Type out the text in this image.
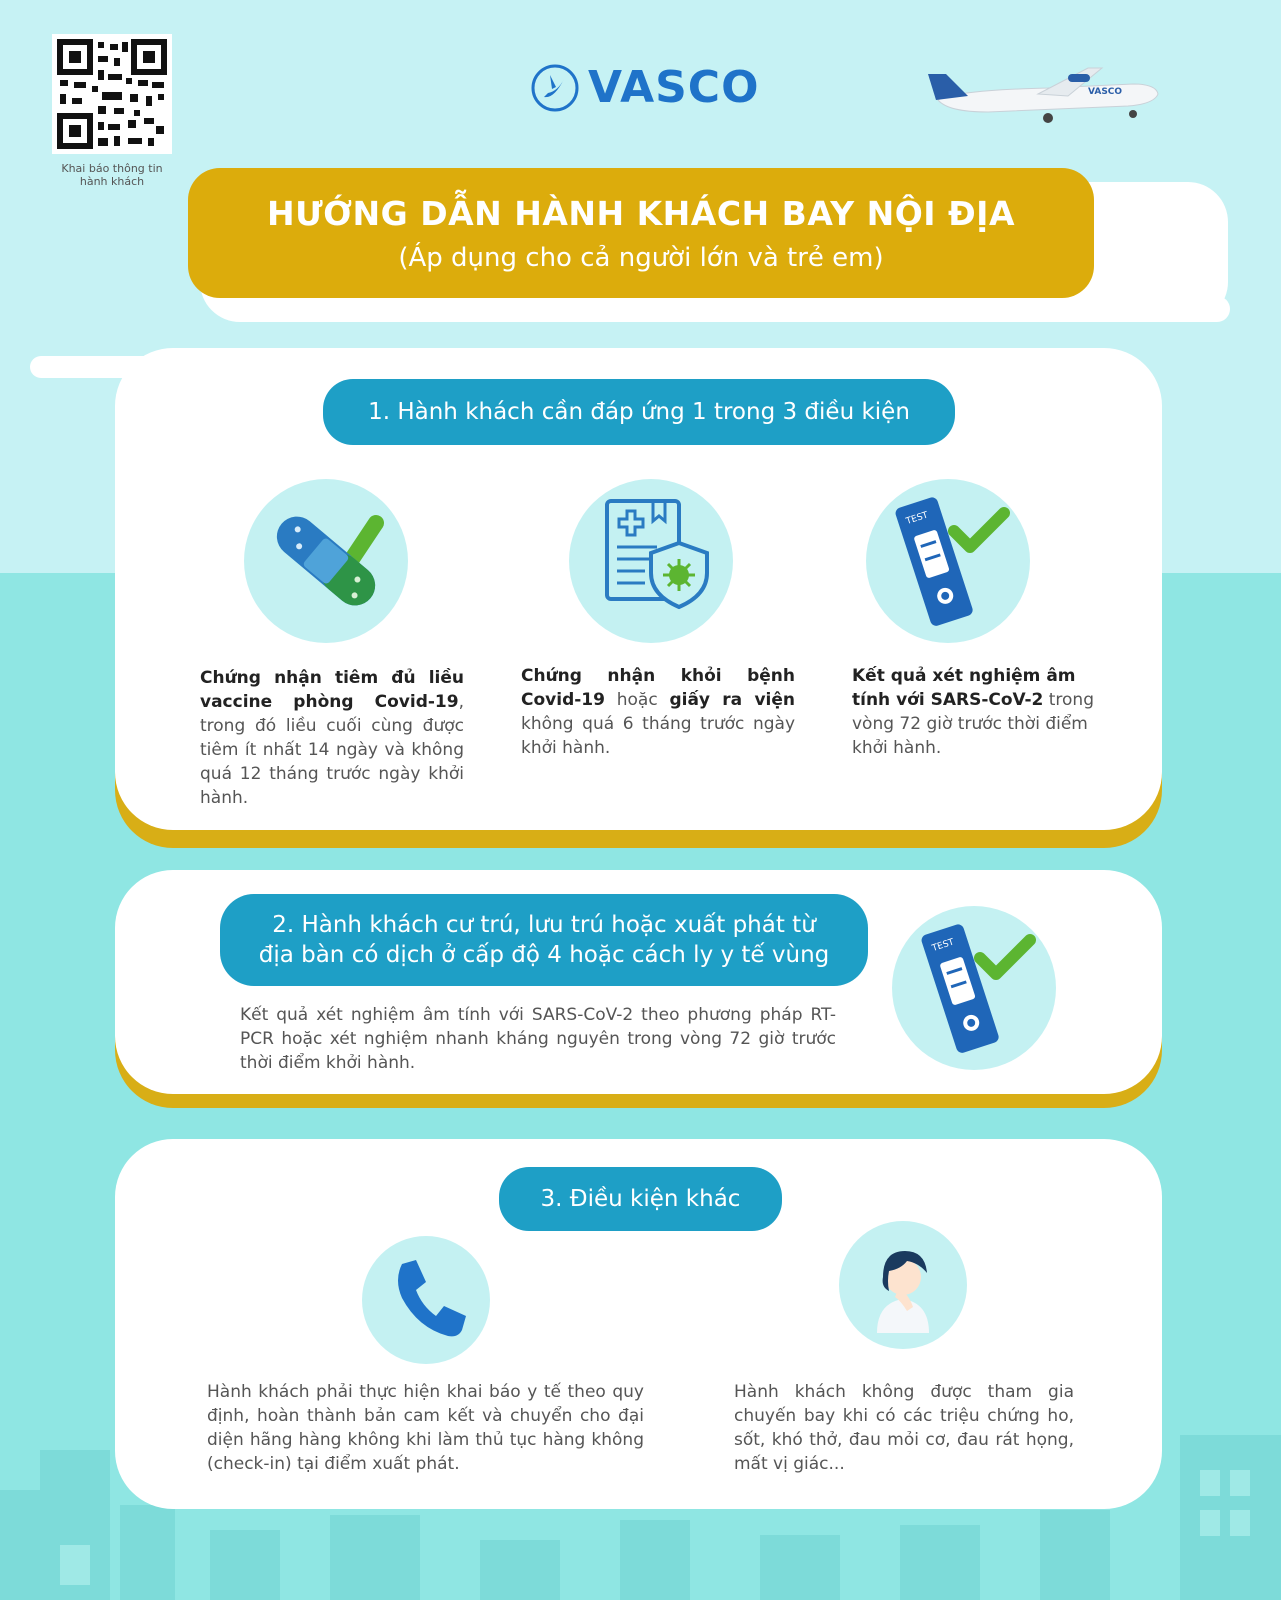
Khai báo thông tin hành khách
VASCO	VASCO
HƯỚNG DẪN HÀNH KHÁCH BAY NỘI ĐỊA
(Áp dụng cho cả người lớn và trẻ em)
1. Hành khách cần đáp ứng 1 trong 3 điều kiện
TEST
Chứng nhận tiêm đủ liều vaccine phòng Covid-19, trong đó liều cuối cùng được tiêm ít nhất 14 ngày và không quá 12 tháng trước ngày khởi hành.
Chứng nhận khỏi bệnh Covid-19 hoặc giấy ra viện không quá 6 tháng trước ngày khởi hành.
Kết quả xét nghiệm âm tính với SARS-CoV-2 trong vòng 72 giờ trước thời điểm khởi hành.
2. Hành khách cư trú, lưu trú hoặc xuất phát từ
địa bàn có dịch ở cấp độ 4 hoặc cách ly y tế vùng
Kết quả xét nghiệm âm tính với SARS-CoV-2 theo phương pháp RT-PCR hoặc xét nghiệm nhanh kháng nguyên trong vòng 72 giờ trước thời điểm khởi hành.
TEST
3. Điều kiện khác
Hành khách phải thực hiện khai báo y tế theo quy định, hoàn thành bản cam kết và chuyển cho đại diện hãng hàng không khi làm thủ tục hàng không (check-in) tại điểm xuất phát.
Hành khách không được tham gia chuyến bay khi có các triệu chứng ho, sốt, khó thở, đau mỏi cơ, đau rát họng, mất vị giác...
